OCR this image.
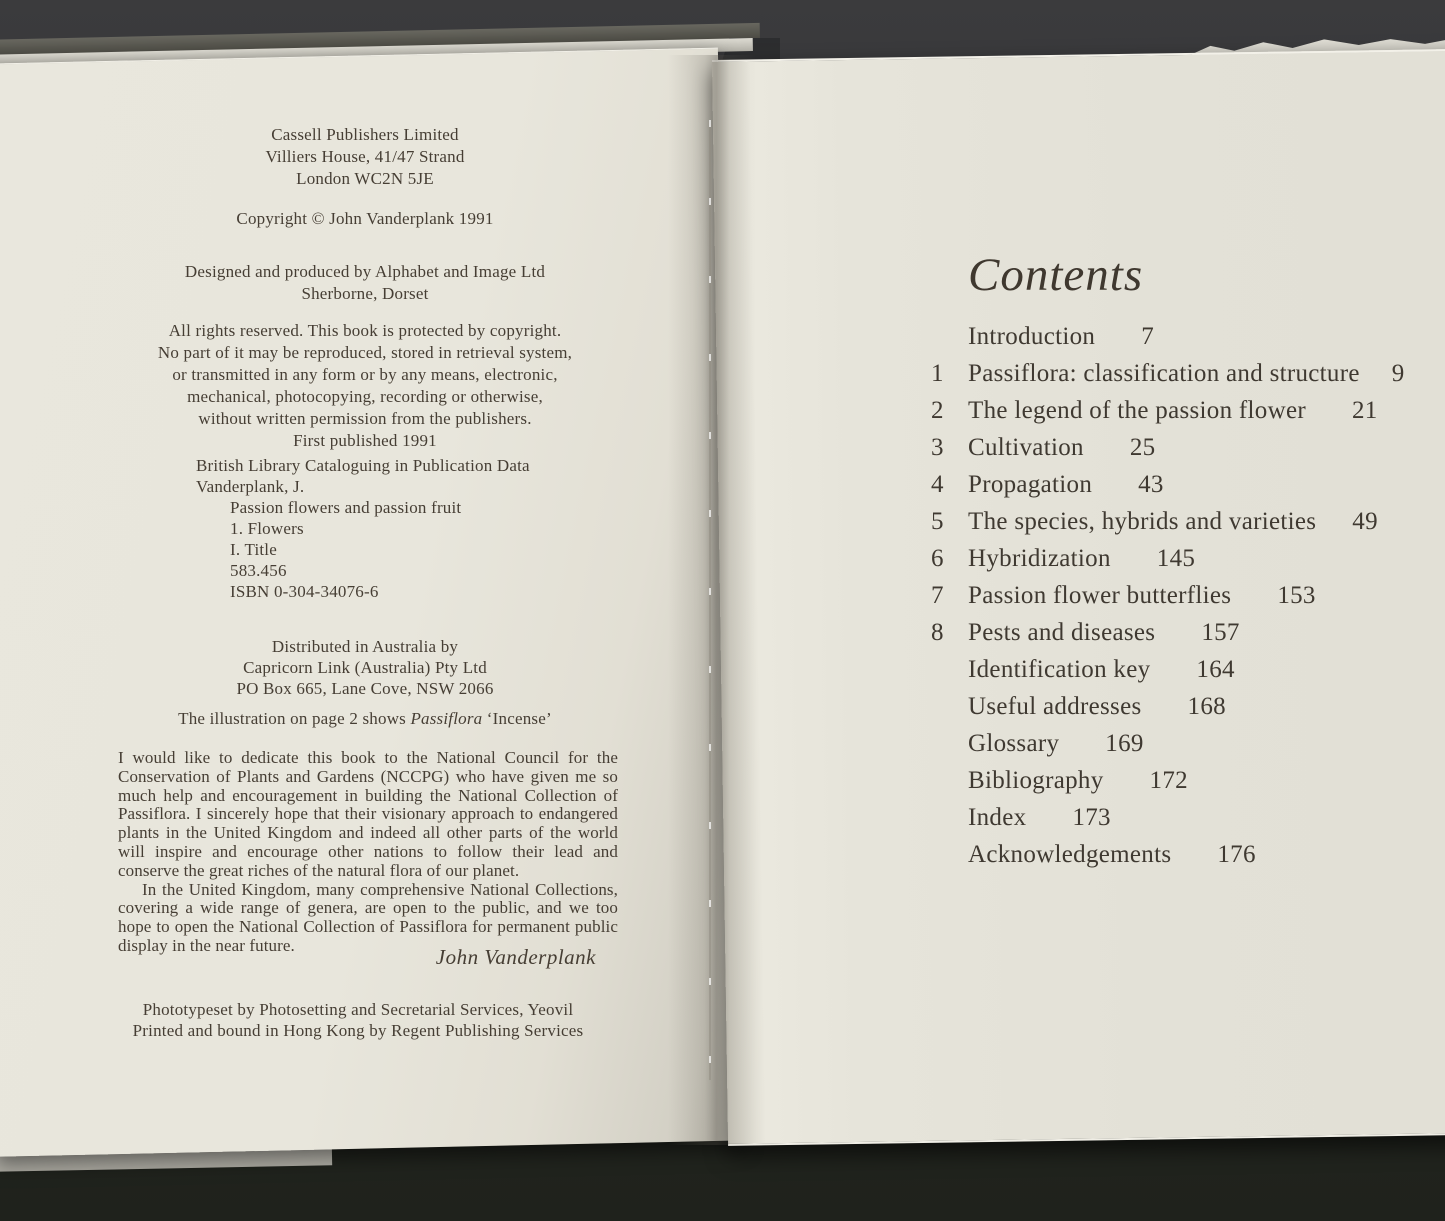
Cassell Publishers Limited
Villiers House, 41/47 Strand
London WC2N 5JE
Copyright © John Vanderplank 1991
Designed and produced by Alphabet and Image Ltd
Sherborne, Dorset
All rights reserved. This book is protected by copyright.
No part of it may be reproduced, stored in retrieval system,
or transmitted in any form or by any means, electronic,
mechanical, photocopying, recording or otherwise,
without written permission from the publishers.
First published 1991
British Library Cataloguing in Publication Data
Vanderplank, J.
Passion flowers and passion fruit
1. Flowers
I. Title
583.456
ISBN 0-304-34076-6
Distributed in Australia by
Capricorn Link (Australia) Pty Ltd
PO Box 665, Lane Cove, NSW 2066
The illustration on page 2 shows Passiflora ‘Incense’

I would like to dedicate this book to the National Council for the Conservation of Plants and Gardens (NCCPG) who have given me so much help and encouragement in building the National Collection of Passiflora. I sincerely hope that their visionary approach to endangered plants in the United Kingdom and indeed all other parts of the world will inspire and encourage other nations to follow their lead and conserve the great riches of the natural flora of our planet.

In the United Kingdom, many comprehensive National Collections, covering a wide range of genera, are open to the public, and we too hope to open the National Collection of Passiflora for permanent public display in the near future.	John Vanderplank
Phototypeset by Photosetting and Secretarial Services, Yeovil
Printed and bound in Hong Kong by Regent Publishing Services
Contents
Introduction 7
1 Passiflora: classification and structure 9
2 The legend of the passion flower 21
3 Cultivation 25
4 Propagation 43
5 The species, hybrids and varieties 49
6 Hybridization 145
7 Passion flower butterflies 153
8 Pests and diseases 157
Identification key 164
Useful addresses 168
Glossary 169
Bibliography 172
Index 173
Acknowledgements 176
